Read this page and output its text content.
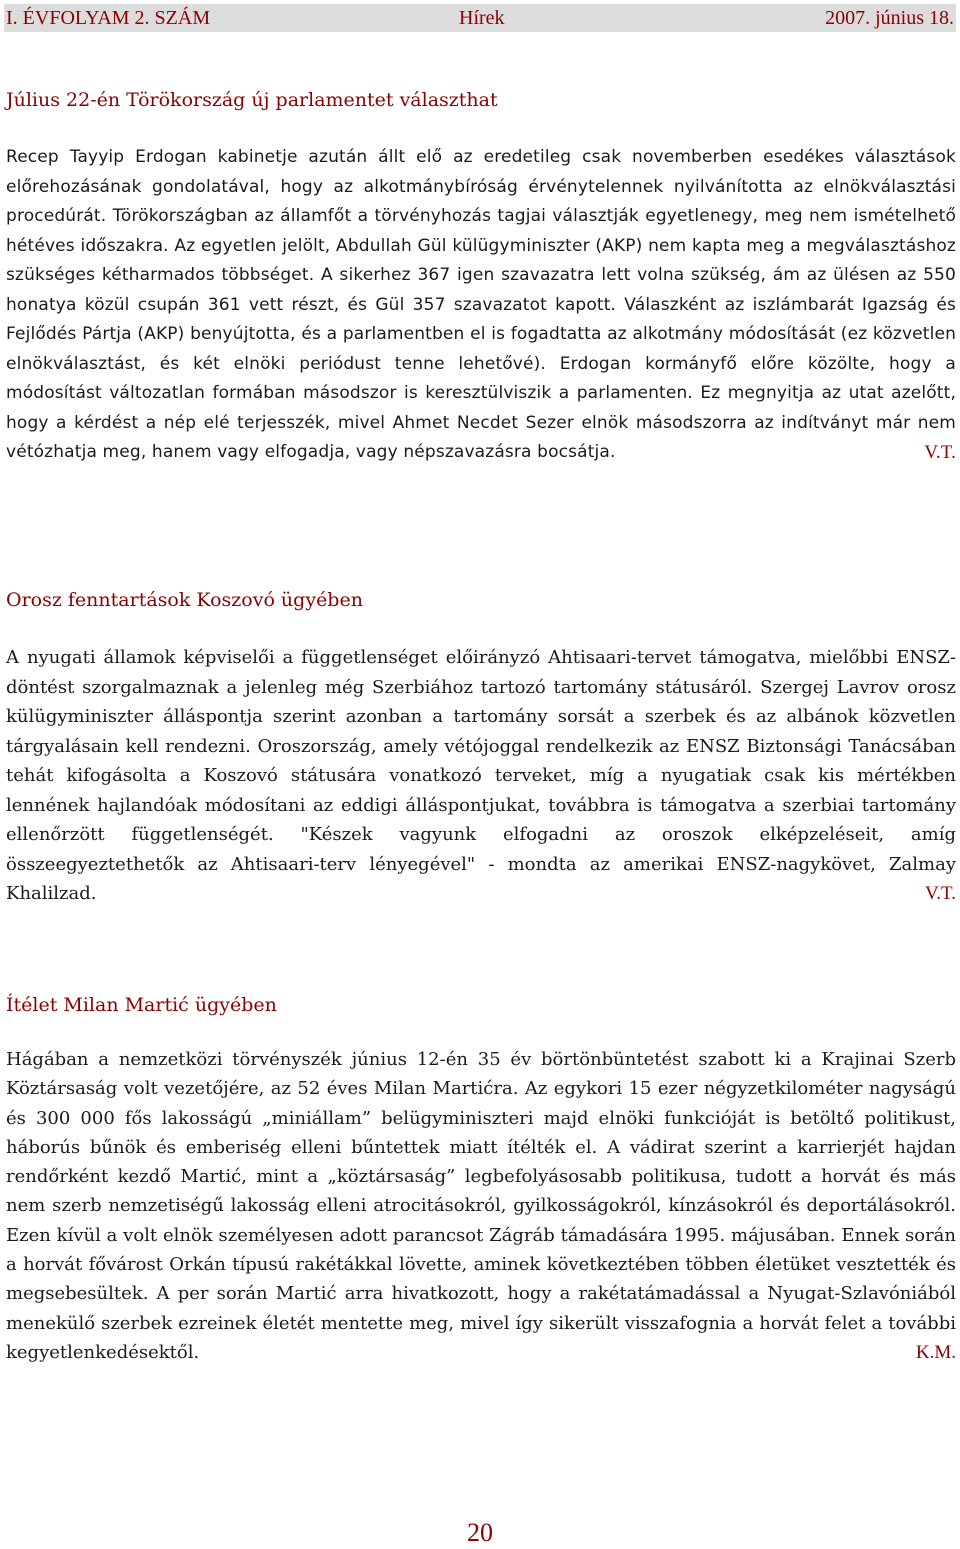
I. ÉVFOLYAM 2. SZÁM	Hírek	2007. június 18.
Július 22-én Törökország új parlamentet választhat

Recep Tayyip Erdogan kabinetje azután állt elő az eredetileg csak novemberben esedékes választások előrehozásának gondolatával, hogy az alkotmánybíróság érvénytelennek nyilvánította az elnökválasztási procedúrát. Törökországban az államfőt a törvényhozás tagjai választják egyetlenegy, meg nem ismételhető hétéves időszakra. Az egyetlen jelölt, Abdullah Gül külügyminiszter (AKP) nem kapta meg a megválasztáshoz szükséges kétharmados többséget. A sikerhez 367 igen szavazatra lett volna szükség, ám az ülésen az 550 honatya közül csupán 361 vett részt, és Gül 357 szavazatot kapott. Válaszként az iszlámbarát Igazság és Fejlődés Pártja (AKP) benyújtotta, és a parlamentben el is fogadtatta az alkotmány módosítását (ez közvetlen elnökválasztást, és két elnöki periódust tenne lehetővé). Erdogan kormányfő előre közölte, hogy a módosítást változatlan formában másodszor is keresztülviszik a parlamenten. Ez megnyitja az utat azelőtt, hogy a kérdést a nép elé terjesszék, mivel Ahmet Necdet Sezer elnök másodszorra az indítványt már nem vétózhatja meg, hanem vagy elfogadja, vagy népszavazásra bocsátja.	V.T.

Orosz fenntartások Koszovó ügyében

A nyugati államok képviselői a függetlenséget előirányzó Ahtisaari-tervet támogatva, mielőbbi ENSZ-döntést szorgalmaznak a jelenleg még Szerbiához tartozó tartomány státusáról. Szergej Lavrov orosz külügyminiszter álláspontja szerint azonban a tartomány sorsát a szerbek és az albánok közvetlen tárgyalásain kell rendezni. Oroszország, amely vétójoggal rendelkezik az ENSZ Biztonsági Tanácsában tehát kifogásolta a Koszovó státusára vonatkozó terveket, míg a nyugatiak csak kis mértékben lennének hajlandóak módosítani az eddigi álláspontjukat, továbbra is támogatva a szerbiai tartomány ellenőrzött függetlenségét. "Készek vagyunk elfogadni az oroszok elképzeléseit, amíg összeegyeztethetők az Ahtisaari-terv lényegével" - mondta az amerikai ENSZ-nagykövet, Zalmay Khalilzad.	V.T.

Ítélet Milan Martić ügyében

Hágában a nemzetközi törvényszék június 12-én 35 év börtönbüntetést szabott ki a Krajinai Szerb Köztársaság volt vezetőjére, az 52 éves Milan Martićra. Az egykori 15 ezer négyzetkilométer nagyságú és 300 000 fős lakosságú „miniállam” belügyminiszteri majd elnöki funkcióját is betöltő politikust, háborús bűnök és emberiség elleni bűntettek miatt ítélték el. A vádirat szerint a karrierjét hajdan rendőrként kezdő Martić, mint a „köztársaság” legbefolyásosabb politikusa, tudott a horvát és más nem szerb nemzetiségű lakosság elleni atrocitásokról, gyilkosságokról, kínzásokról és deportálásokról. Ezen kívül a volt elnök személyesen adott parancsot Zágráb támadására 1995. májusában. Ennek során a horvát fővárost Orkán típusú rakétákkal lövette, aminek következtében többen életüket vesztették és megsebesültek. A per során Martić arra hivatkozott, hogy a rakétatámadással a Nyugat-Szlavóniából menekülő szerbek ezreinek életét mentette meg, mivel így sikerült visszafognia a horvát felet a további kegyetlenkedésektől.	K.M.

20
